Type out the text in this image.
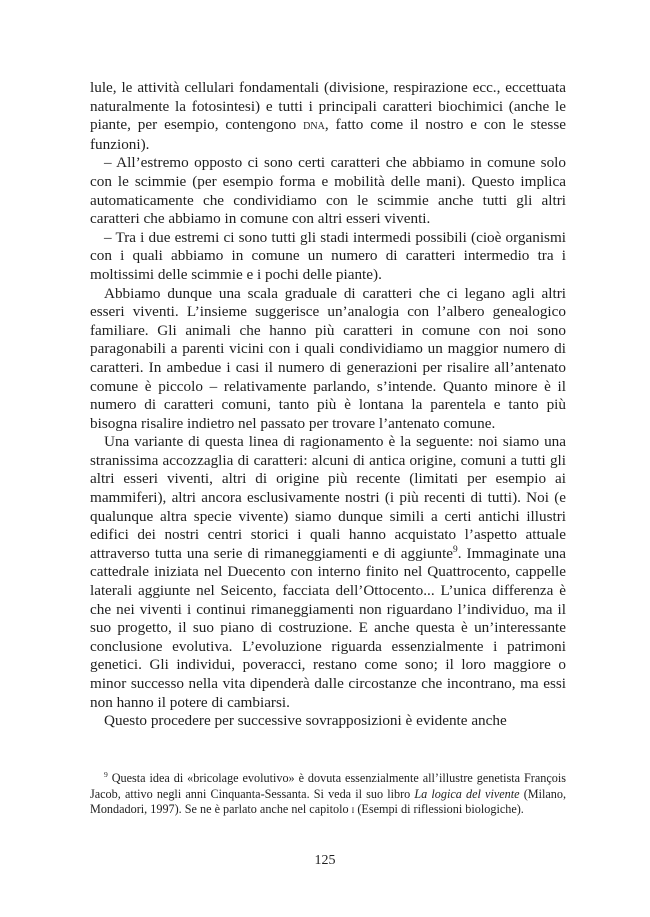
lule, le attività cellulari fondamentali (divisione, respirazione ecc., eccettuata naturalmente la fotosintesi) e tutti i principali caratteri biochimici (anche le piante, per esempio, contengono dna, fatto come il nostro e con le stesse funzioni).

– All’estremo opposto ci sono certi caratteri che abbiamo in comune solo con le scimmie (per esempio forma e mobilità delle mani). Questo implica automaticamente che condividiamo con le scimmie anche tutti gli altri caratteri che abbiamo in comune con altri esseri viventi.

– Tra i due estremi ci sono tutti gli stadi intermedi possibili (cioè organismi con i quali abbiamo in comune un numero di caratteri intermedio tra i moltissimi delle scimmie e i pochi delle piante).

Abbiamo dunque una scala graduale di caratteri che ci legano agli altri esseri viventi. L’insieme suggerisce un’analogia con l’albero genealogico familiare. Gli animali che hanno più caratteri in comune con noi sono paragonabili a parenti vicini con i quali condividiamo un maggior numero di caratteri. In ambedue i casi il numero di generazioni per risalire all’antenato comune è piccolo – relativamente parlando, s’intende. Quanto minore è il numero di caratteri comuni, tanto più è lontana la parentela e tanto più bisogna risalire indietro nel passato per trovare l’antenato comune.

Una variante di questa linea di ragionamento è la seguente: noi siamo una stranissima accozzaglia di caratteri: alcuni di antica origine, comuni a tutti gli altri esseri viventi, altri di origine più recente (limitati per esempio ai mammiferi), altri ancora esclusivamente nostri (i più recenti di tutti). Noi (e qualunque altra specie vivente) siamo dunque simili a certi antichi illustri edifici dei nostri centri storici i quali hanno acquistato l’aspetto attuale attraverso tutta una serie di rimaneggiamenti e di aggiunte$^9$. Immaginate una cattedrale iniziata nel Duecento con interno finito nel Quattrocento, cappelle laterali aggiunte nel Seicento, facciata dell’Ottocento... L’unica differenza è che nei viventi i continui rimaneggiamenti non riguardano l’individuo, ma il suo progetto, il suo piano di costruzione. E anche questa è un’interessante conclusione evolutiva. L’evoluzione riguarda essenzialmente i patrimoni genetici. Gli individui, poveracci, restano come sono; il loro maggiore o minor successo nella vita dipenderà dalle circostanze che incontrano, ma essi non hanno il potere di cambiarsi.

Questo procedere per successive sovrapposizioni è evidente anche

$^9$ Questa idea di «bricolage evolutivo» è dovuta essenzialmente all’illustre genetista François Jacob, attivo negli anni Cinquanta-Sessanta. Si veda il suo libro La logica del vivente (Milano, Mondadori, 1997). Se ne è parlato anche nel capitolo i (Esempi di riflessioni biologiche).

125
